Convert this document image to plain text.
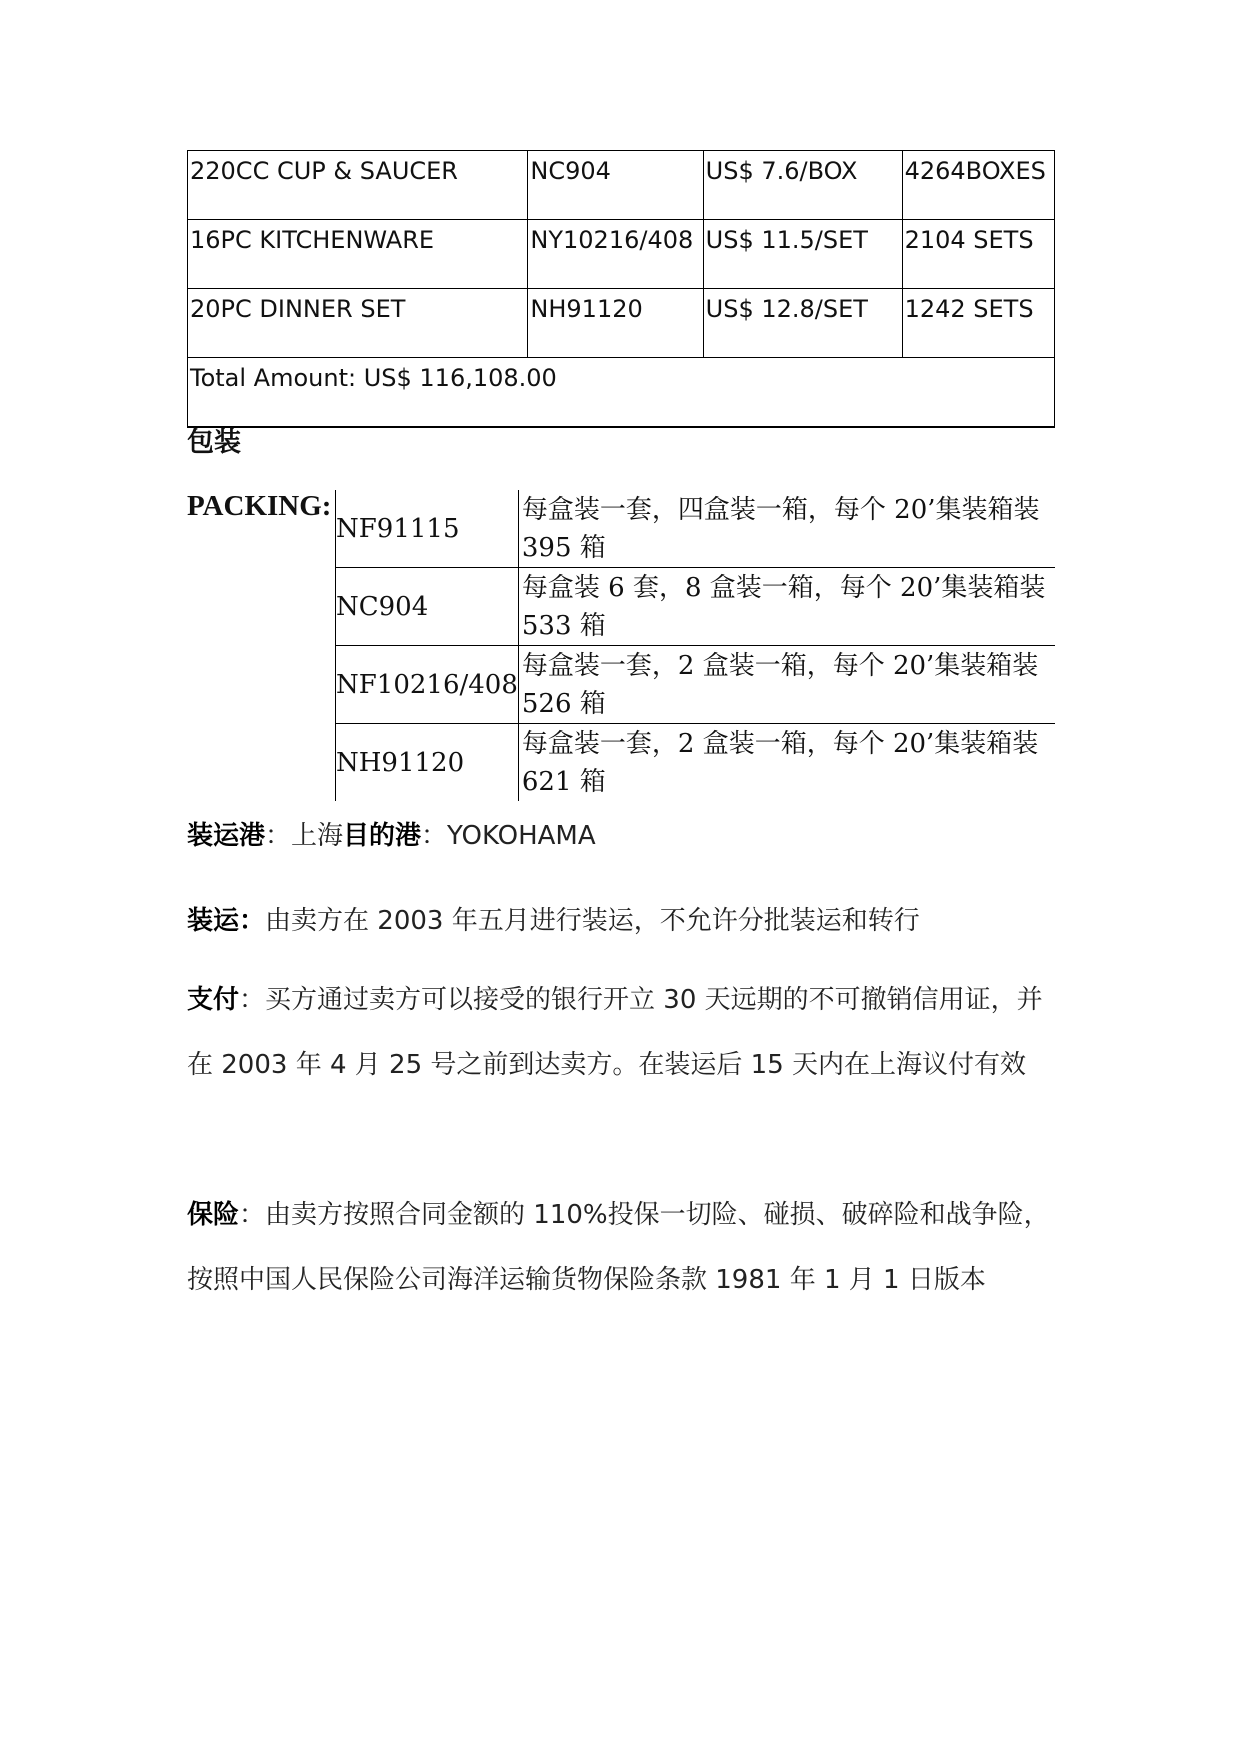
220CC CUP & SAUCER	NC904	US$ 7.6/BOX	4264BOXES
16PC KITCHENWARE	NY10216/408	US$ 11.5/SET	2104 SETS
20PC DINNER SET	NH91120	US$ 12.8/SET	1242 SETS
Total Amount: US$ 116,108.00			
包装
PACKING:
NF91115	每盒装一套，四盒装一箱，每个 20’集装箱装 395 箱
NC904	每盒装 6 套，8 盒装一箱，每个 20’集装箱装 533 箱
NF10216/408	每盒装一套，2 盒装一箱，每个 20’集装箱装 526 箱
NH91120	每盒装一套，2 盒装一箱，每个 20’集装箱装 621 箱
装运港：上海目的港：YOKOHAMA
装运：由卖方在 2003 年五月进行装运，不允许分批装运和转行
支付：买方通过卖方可以接受的银行开立 30 天远期的不可撤销信用证，并在 2003 年 4 月 25 号之前到达卖方。在装运后 15 天内在上海议付有效
保险：由卖方按照合同金额的 110%投保一切险、碰损、破碎险和战争险，按照中国人民保险公司海洋运输货物保险条款 1981 年 1 月 1 日版本
